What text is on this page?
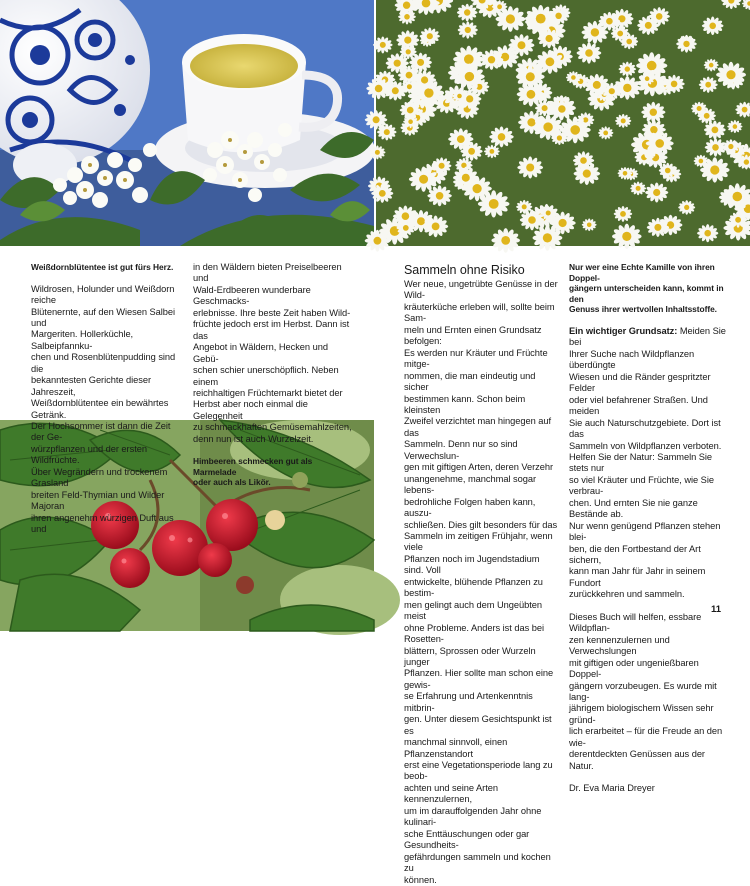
Weißdornblütentee ist gut fürs Herz.

Wildrosen, Holunder und Weißdorn reiche
Blütenernte, auf den Wiesen Salbei und
Margeriten. Hollerküchle, Salbeipfannku-
chen und Rosenblütenpudding sind die
bekanntesten Gerichte dieser Jahreszeit,
Weißdornblütentee ein bewährtes Getränk.
Der Hochsommer ist dann die Zeit der Ge-
würzpflanzen und der ersten Wildfrüchte.
Über Wegrändern und trockenem Grasland
breiten Feld-Thymian und Wilder Majoran
ihren angenehm würzigen Duft aus und

in den Wäldern bieten Preiselbeeren und
Wald-Erdbeeren wunderbare Geschmacks-
erlebnisse. Ihre beste Zeit haben Wild-
früchte jedoch erst im Herbst. Dann ist das
Angebot in Wäldern, Hecken und Gebü-
schen schier unerschöpflich. Neben einem
reichhaltigen Früchtemarkt bietet der
Herbst aber noch einmal die Gelegenheit
zu schmackhaften Gemüsemahlzeiten,
denn nun ist auch Wurzelzeit.

Himbeeren schmecken gut als Marmelade
oder auch als Likör.

Sammeln ohne Risiko

Wer neue, ungetrübte Genüsse in der Wild-
kräuterküche erleben will, sollte beim Sam-
meln und Ernten einen Grundsatz befolgen:
Es werden nur Kräuter und Früchte mitge-
nommen, die man eindeutig und sicher
bestimmen kann. Schon beim kleinsten
Zweifel verzichtet man hingegen auf das
Sammeln. Denn nur so sind Verwechslun-
gen mit giftigen Arten, deren Verzehr
unangenehme, manchmal sogar lebens-
bedrohliche Folgen haben kann, auszu-
schließen. Dies gilt besonders für das
Sammeln im zeitigen Frühjahr, wenn viele
Pflanzen noch im Jugendstadium sind. Voll
entwickelte, blühende Pflanzen zu bestim-
men gelingt auch dem Ungeübten meist
ohne Probleme. Anders ist das bei Rosetten-
blättern, Sprossen oder Wurzeln junger
Pflanzen. Hier sollte man schon eine gewis-
se Erfahrung und Artenkenntnis mitbrin-
gen. Unter diesem Gesichtspunkt ist es
manchmal sinnvoll, einen Pflanzenstandort
erst eine Vegetationsperiode lang zu beob-
achten und seine Arten kennenzulernen,
um im darauffolgenden Jahr ohne kulinari-
sche Enttäuschungen oder gar Gesundheits-
gefährdungen sammeln und kochen zu
können.

Nur wer eine Echte Kamille von ihren Doppel-
gängern unterscheiden kann, kommt in den
Genuss ihrer wertvollen Inhaltsstoffe.

Ein wichtiger Grundsatz: Meiden Sie bei
Ihrer Suche nach Wildpflanzen überdüngte
Wiesen und die Ränder gespritzter Felder
oder viel befahrener Straßen. Und meiden
Sie auch Naturschutzgebiete. Dort ist das
Sammeln von Wildpflanzen verboten.
Helfen Sie der Natur: Sammeln Sie stets nur
so viel Kräuter und Früchte, wie Sie verbrau-
chen. Und ernten Sie nie ganze Bestände ab.
Nur wenn genügend Pflanzen stehen blei-
ben, die den Fortbestand der Art sichern,
kann man Jahr für Jahr in seinem Fundort
zurückkehren und sammeln.

Dieses Buch will helfen, essbare Wildpflan-
zen kennenzulernen und Verwechslungen
mit giftigen oder ungenießbaren Doppel-
gängern vorzubeugen. Es wurde mit lang-
jährigem biologischem Wissen sehr gründ-
lich erarbeitet – für die Freude an den wie-
derentdeckten Genüssen aus der Natur.

Dr. Eva Maria Dreyer

11
